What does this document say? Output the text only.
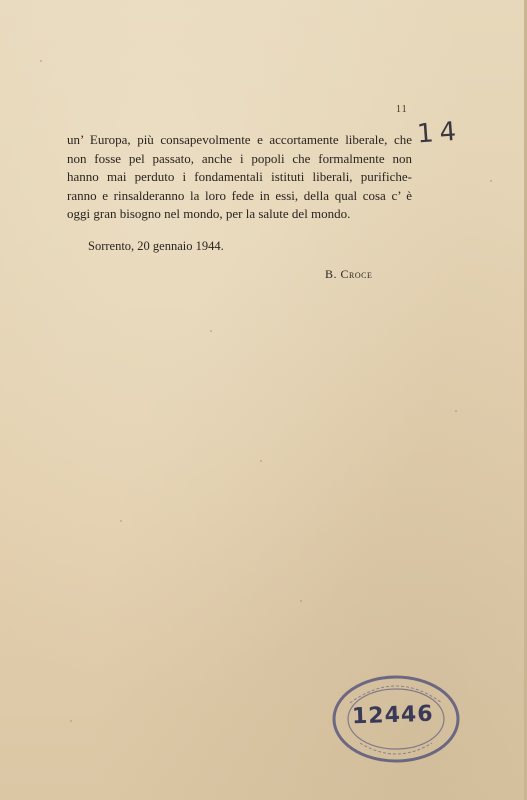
11

un’ Europa, più consapevolmente e accortamente liberale, che
non fosse pel passato, anche i popoli che formalmente non
hanno mai perduto i fondamentali istituti liberali, purifiche-
ranno e rinsalderanno la loro fede in essi, della qual cosa c’ è
oggi gran bisogno nel mondo, per la salute del mondo.

14
Sorrento, 20 gennaio 1944.
B. Croce
12446
